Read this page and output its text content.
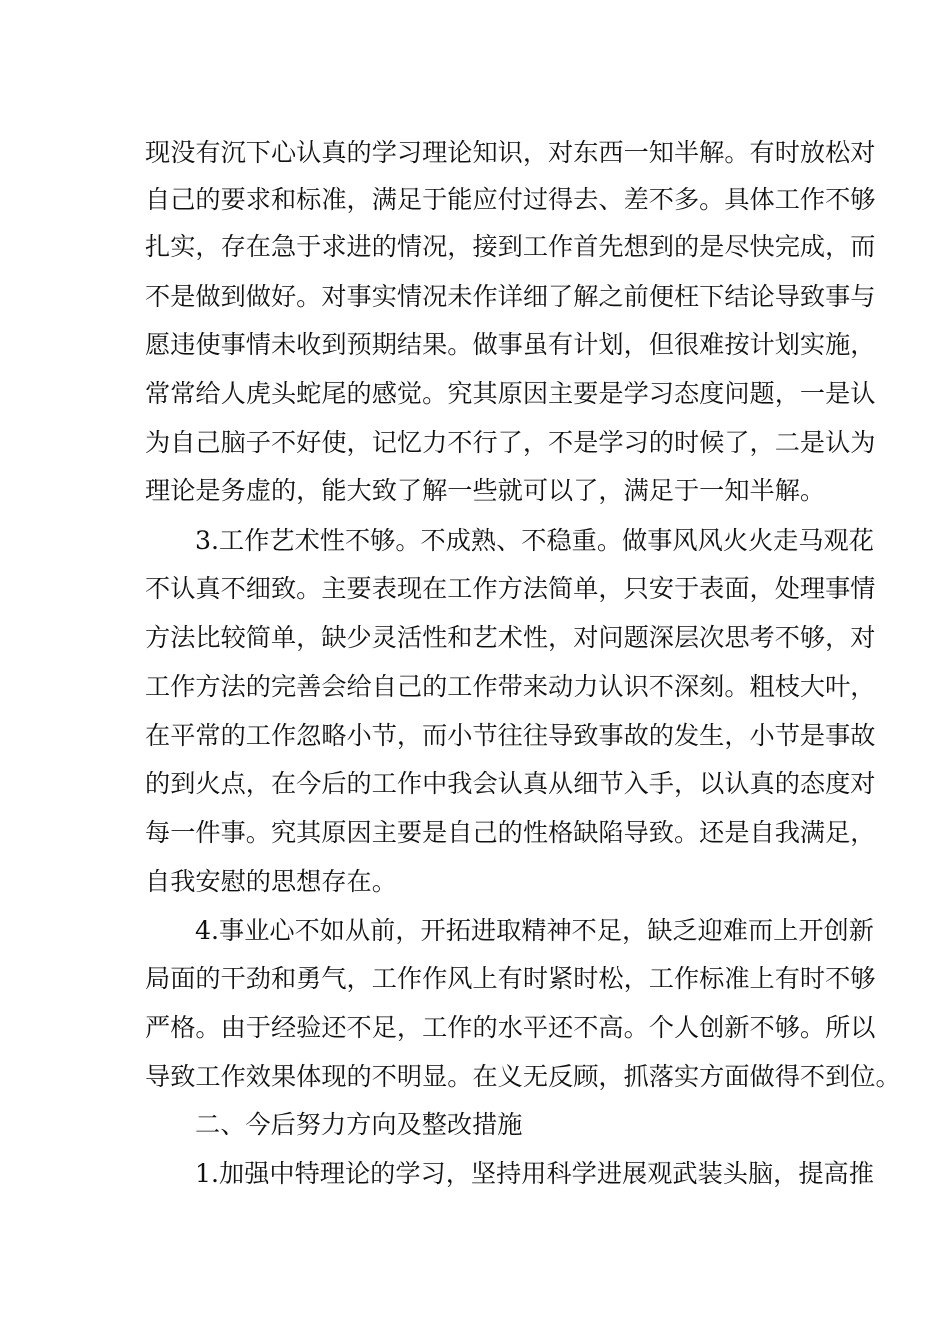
现没有沉下心认真的学习理论知识，对东西一知半解。有时放松对
自己的要求和标准，满足于能应付过得去、差不多。具体工作不够
扎实，存在急于求进的情况，接到工作首先想到的是尽快完成，而
不是做到做好。对事实情况未作详细了解之前便枉下结论导致事与
愿违使事情未收到预期结果。做事虽有计划，但很难按计划实施，
常常给人虎头蛇尾的感觉。究其原因主要是学习态度问题，一是认
为自己脑子不好使，记忆力不行了，不是学习的时候了，二是认为
理论是务虚的，能大致了解一些就可以了，满足于一知半解。
3.工作艺术性不够。不成熟、不稳重。做事风风火火走马观花
不认真不细致。主要表现在工作方法简单，只安于表面，处理事情
方法比较简单，缺少灵活性和艺术性，对问题深层次思考不够，对
工作方法的完善会给自己的工作带来动力认识不深刻。粗枝大叶，
在平常的工作忽略小节，而小节往往导致事故的发生，小节是事故
的到火点，在今后的工作中我会认真从细节入手，以认真的态度对
每一件事。究其原因主要是自己的性格缺陷导致。还是自我满足，
自我安慰的思想存在。
4.事业心不如从前，开拓进取精神不足，缺乏迎难而上开创新
局面的干劲和勇气，工作作风上有时紧时松，工作标准上有时不够
严格。由于经验还不足，工作的水平还不高。个人创新不够。所以
导致工作效果体现的不明显。在义无反顾，抓落实方面做得不到位。
二、今后努力方向及整改措施
1.加强中特理论的学习，坚持用科学进展观武装头脑，提高推
